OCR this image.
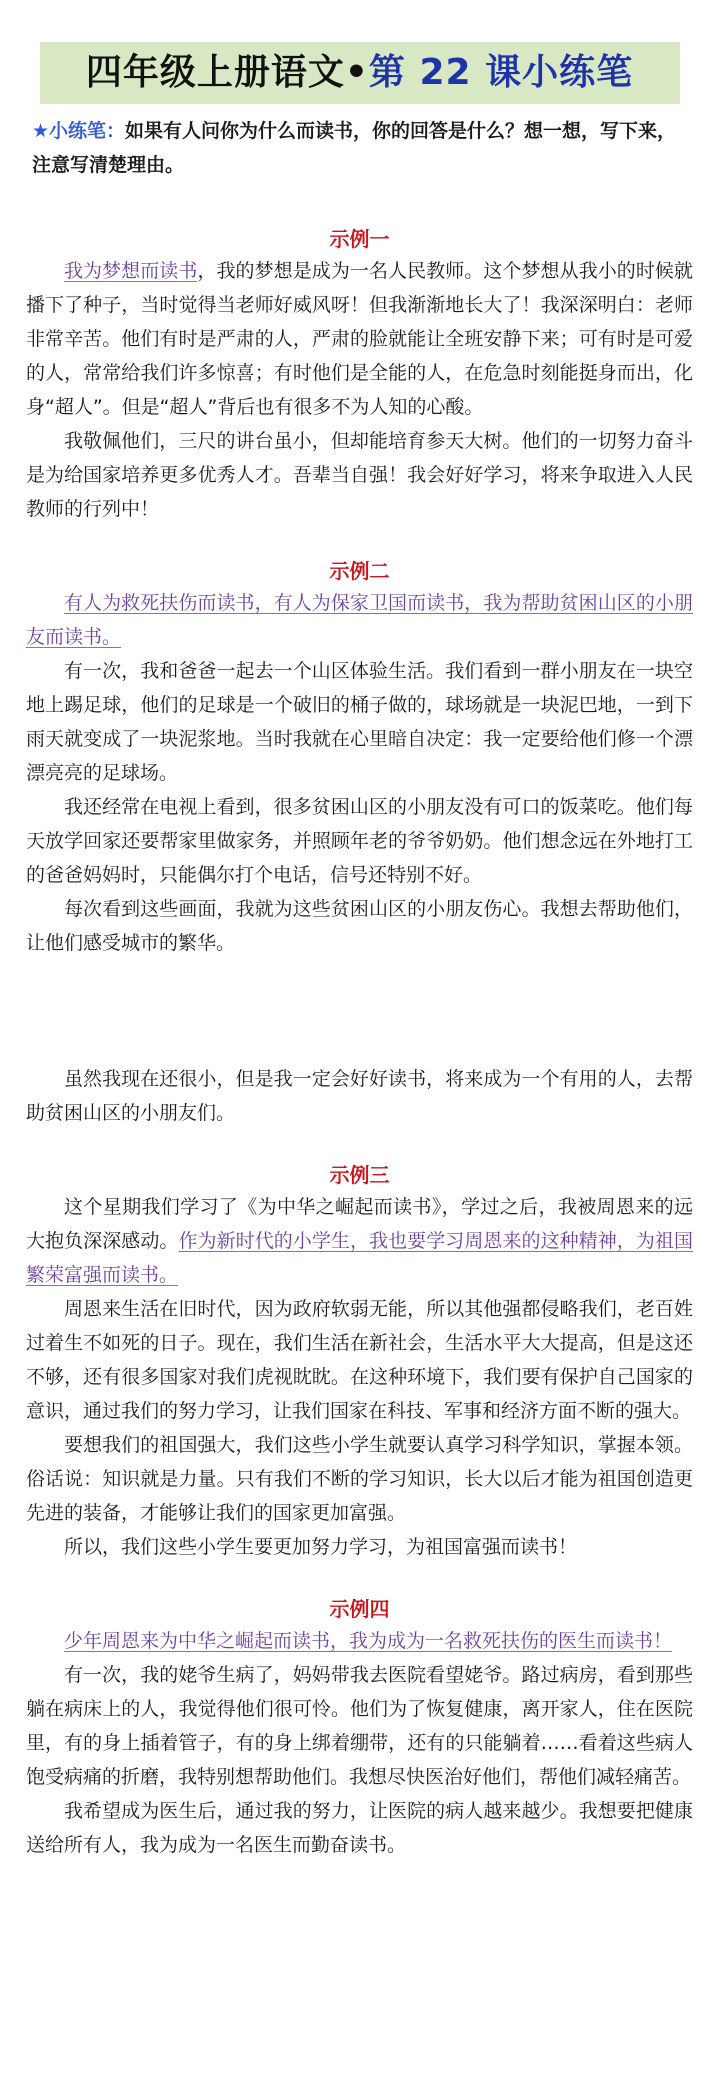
四年级上册语文•第 22 课小练笔
★小练笔：如果有人问你为什么而读书，你的回答是什么？想一想，写下来，注意写清楚理由。
示例一

我为梦想而读书，我的梦想是成为一名人民教师。这个梦想从我小的时候就播下了种子，当时觉得当老师好威风呀！但我渐渐地长大了！我深深明白：老师非常辛苦。他们有时是严肃的人，严肃的脸就能让全班安静下来；可有时是可爱的人，常常给我们许多惊喜；有时他们是全能的人，在危急时刻能挺身而出，化身“超人”。但是“超人”背后也有很多不为人知的心酸。

我敬佩他们，三尺的讲台虽小，但却能培育参天大树。他们的一切努力奋斗是为给国家培养更多优秀人才。吾辈当自强！我会好好学习，将来争取进入人民教师的行列中！

示例二

有人为救死扶伤而读书，有人为保家卫国而读书，我为帮助贫困山区的小朋友而读书。

有一次，我和爸爸一起去一个山区体验生活。我们看到一群小朋友在一块空地上踢足球，他们的足球是一个破旧的桶子做的，球场就是一块泥巴地，一到下雨天就变成了一块泥浆地。当时我就在心里暗自决定：我一定要给他们修一个漂漂亮亮的足球场。

我还经常在电视上看到，很多贫困山区的小朋友没有可口的饭菜吃。他们每天放学回家还要帮家里做家务，并照顾年老的爷爷奶奶。他们想念远在外地打工的爸爸妈妈时，只能偶尔打个电话，信号还特别不好。

每次看到这些画面，我就为这些贫困山区的小朋友伤心。我想去帮助他们，让他们感受城市的繁华。

虽然我现在还很小，但是我一定会好好读书，将来成为一个有用的人，去帮助贫困山区的小朋友们。

示例三

这个星期我们学习了《为中华之崛起而读书》，学过之后，我被周恩来的远大抱负深深感动。作为新时代的小学生，我也要学习周恩来的这种精神，为祖国繁荣富强而读书。

周恩来生活在旧时代，因为政府软弱无能，所以其他强都侵略我们，老百姓过着生不如死的日子。现在，我们生活在新社会，生活水平大大提高，但是这还不够，还有很多国家对我们虎视眈眈。在这种环境下，我们要有保护自己国家的意识，通过我们的努力学习，让我们国家在科技、军事和经济方面不断的强大。

要想我们的祖国强大，我们这些小学生就要认真学习科学知识，掌握本领。俗话说：知识就是力量。只有我们不断的学习知识，长大以后才能为祖国创造更先进的装备，才能够让我们的国家更加富强。

所以，我们这些小学生要更加努力学习，为祖国富强而读书！

示例四

少年周恩来为中华之崛起而读书，我为成为一名救死扶伤的医生而读书！

有一次，我的姥爷生病了，妈妈带我去医院看望姥爷。路过病房，看到那些躺在病床上的人，我觉得他们很可怜。他们为了恢复健康，离开家人，住在医院里，有的身上插着管子，有的身上绑着绷带，还有的只能躺着……看着这些病人饱受病痛的折磨，我特别想帮助他们。我想尽快医治好他们，帮他们减轻痛苦。

我希望成为医生后，通过我的努力，让医院的病人越来越少。我想要把健康送给所有人，我为成为一名医生而勤奋读书。
